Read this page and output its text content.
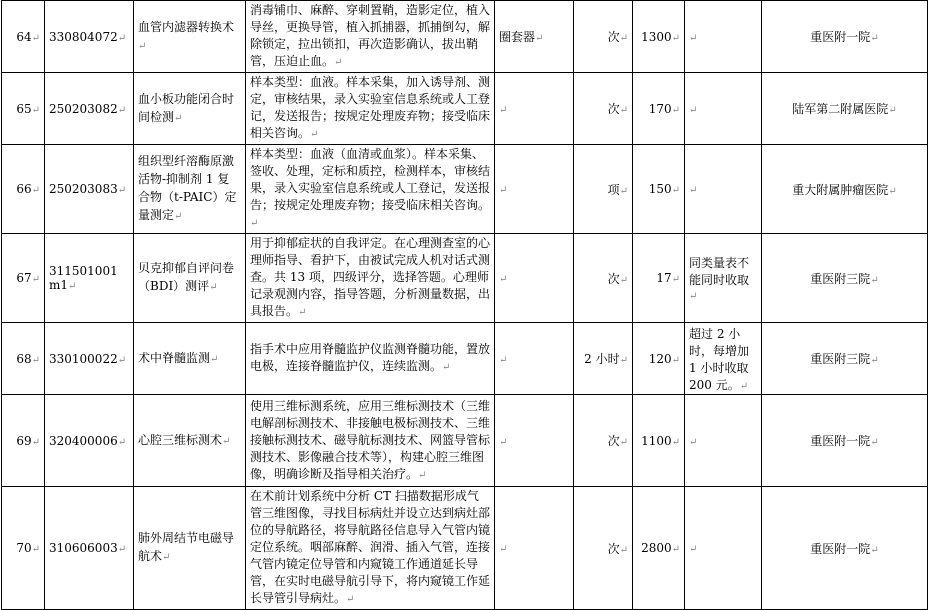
64↵	330804072↵	血管内滤器转换术↵	消毒铺巾、麻醉、穿刺置鞘，造影定位，植入导丝，更换导管，植入抓捕器，抓捕倒勾，解除锁定，拉出锁扣，再次造影确认，拔出鞘管，压迫止血。↵	圈套器↵	次↵	1300↵	↵	重医附一院↵
65↵	250203082↵	血小板功能闭合时间检测↵	样本类型：血液。样本采集，加入诱导剂、测定，审核结果，录入实验室信息系统或人工登记，发送报告；按规定处理废弃物；接受临床相关咨询。↵	↵	次↵	170↵	↵	陆军第二附属医院↵
66↵	250203083↵	组织型纤溶酶原激活物-抑制剂 1 复合物（t-PAIC）定量测定↵	样本类型：血液（血清或血浆）。样本采集、签收、处理，定标和质控，检测样本，审核结果，录入实验室信息系统或人工登记，发送报告；按规定处理废弃物；接受临床相关咨询。↵	↵	项↵	150↵	↵	重大附属肿瘤医院↵
67↵	311501001m1↵	贝克抑郁自评问卷（BDI）测评↵	用于抑郁症状的自我评定。在心理测查室的心理师指导、看护下，由被试完成人机对话式测查。共 13 项，四级评分，选择答题。心理师记录观测内容，指导答题，分析测量数据，出具报告。↵	↵	次↵	17↵	同类量表不能同时收取↵	重医附三院↵
68↵	330100022↵	术中脊髓监测↵	指手术中应用脊髓监护仪监测脊髓功能，置放电极，连接脊髓监护仪，连续监测。↵	↵	2 小时↵	120↵	超过 2 小时，每增加 1 小时收取 200 元。↵	重医附三院↵
69↵	320400006↵	心腔三维标测术↵	使用三维标测系统，应用三维标测技术（三维电解剖标测技术、非接触电极标测技术、三维接触标测技术、磁导航标测技术、网篮导管标测技术、影像融合技术等），构建心腔三维图像，明确诊断及指导相关治疗。↵	↵	次↵	1100↵	↵	重医附一院↵
70↵	310606003↵	肺外周结节电磁导航术↵	在术前计划系统中分析 CT 扫描数据形成气管三维图像，寻找目标病灶并设立达到病灶部位的导航路径，将导航路径信息导入气管内镜定位系统。咽部麻醉、润滑、插入气管，连接气管内镜定位导管和内窥镜工作通道延长导管，在实时电磁导航引导下，将内窥镜工作延长导管引导病灶。↵	↵	次↵	2800↵	↵	重医附一院↵
